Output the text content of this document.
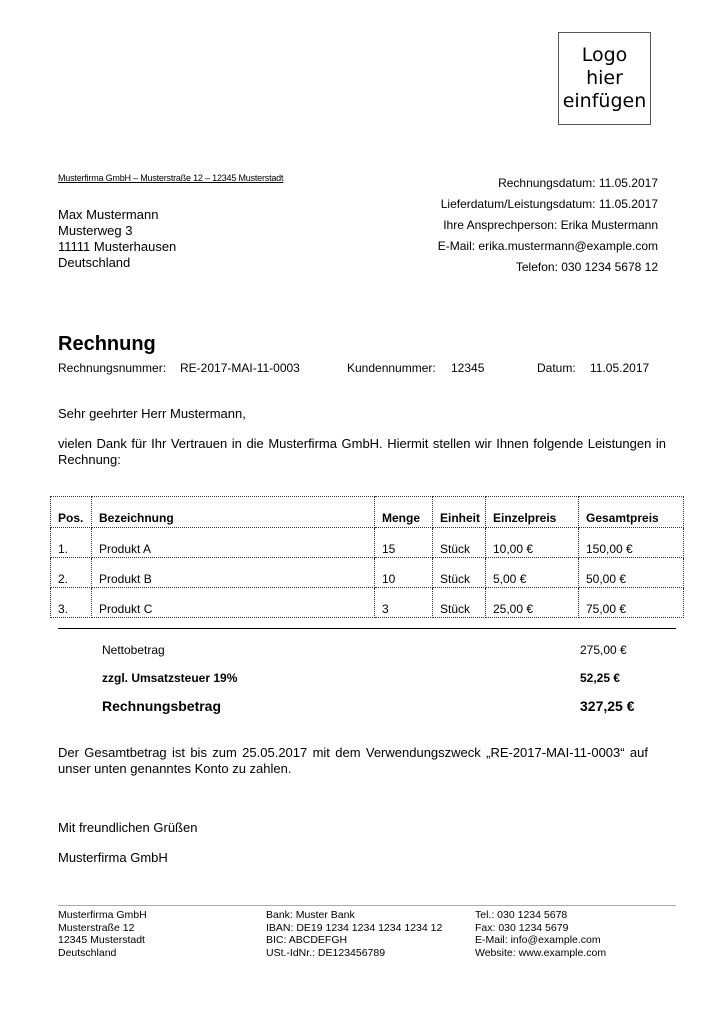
Logo
hier
einfügen
Musterfirma GmbH – Musterstraße 12 – 12345 Musterstadt
Max Mustermann
Musterweg 3
11111 Musterhausen
Deutschland
Rechnungsdatum: 11.05.2017
Lieferdatum/Leistungsdatum: 11.05.2017
Ihre Ansprechperson: Erika Mustermann
E-Mail: erika.mustermann@example.com
Telefon: 030 1234 5678 12
Rechnung
Rechnungsnummer: RE-2017-MAI-11-0003	Kundennummer: 12345	Datum: 11.05.2017
Sehr geehrter Herr Mustermann,
vielen Dank für Ihr Vertrauen in die Musterfirma GmbH. Hiermit stellen wir Ihnen folgende Leistungen in Rechnung:
Pos.	Bezeichnung	Menge	Einheit	Einzelpreis	Gesamtpreis
1.	Produkt A	15	Stück	10,00 €	150,00 €
2.	Produkt B	10	Stück	5,00 €	50,00 €
3.	Produkt C	3	Stück	25,00 €	75,00 €
Nettobetrag	275,00 €
zzgl. Umsatzsteuer 19%	52,25 €
Rechnungsbetrag	327,25 €
Der Gesamtbetrag ist bis zum 25.05.2017 mit dem Verwendungszweck „RE-2017-MAI-11-0003“ auf unser unten genanntes Konto zu zahlen.
Mit freundlichen Grüßen
Musterfirma GmbH
Musterfirma GmbH
Musterstraße 12
12345 Musterstadt
Deutschland
Bank: Muster Bank
IBAN: DE19 1234 1234 1234 1234 12
BIC: ABCDEFGH
USt.-IdNr.: DE123456789
Tel.: 030 1234 5678
Fax: 030 1234 5679
E-Mail: info@example.com
Website: www.example.com
